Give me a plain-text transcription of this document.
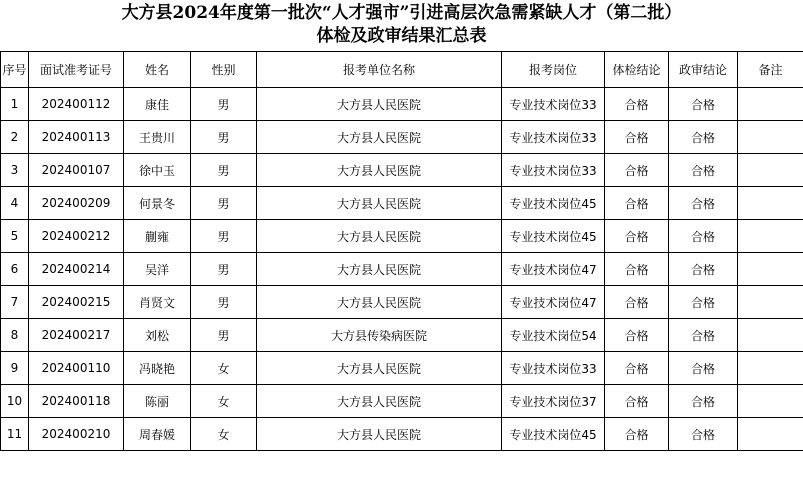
大方县2024年度第一批次“人才强市”引进高层次急需紧缺人才（第二批）
体检及政审结果汇总表
序号	面试准考证号	姓名	性别	报考单位名称	报考岗位	体检结论	政审结论	备注
1	202400112	康佳	男	大方县人民医院	专业技术岗位33	合格	合格	
2	202400113	王贵川	男	大方县人民医院	专业技术岗位33	合格	合格	
3	202400107	徐中玉	男	大方县人民医院	专业技术岗位33	合格	合格	
4	202400209	何景冬	男	大方县人民医院	专业技术岗位45	合格	合格	
5	202400212	蒯雍	男	大方县人民医院	专业技术岗位45	合格	合格	
6	202400214	吴洋	男	大方县人民医院	专业技术岗位47	合格	合格	
7	202400215	肖贤文	男	大方县人民医院	专业技术岗位47	合格	合格	
8	202400217	刘松	男	大方县传染病医院	专业技术岗位54	合格	合格	
9	202400110	冯晓艳	女	大方县人民医院	专业技术岗位33	合格	合格	
10	202400118	陈丽	女	大方县人民医院	专业技术岗位37	合格	合格	
11	202400210	周春媛	女	大方县人民医院	专业技术岗位45	合格	合格	
